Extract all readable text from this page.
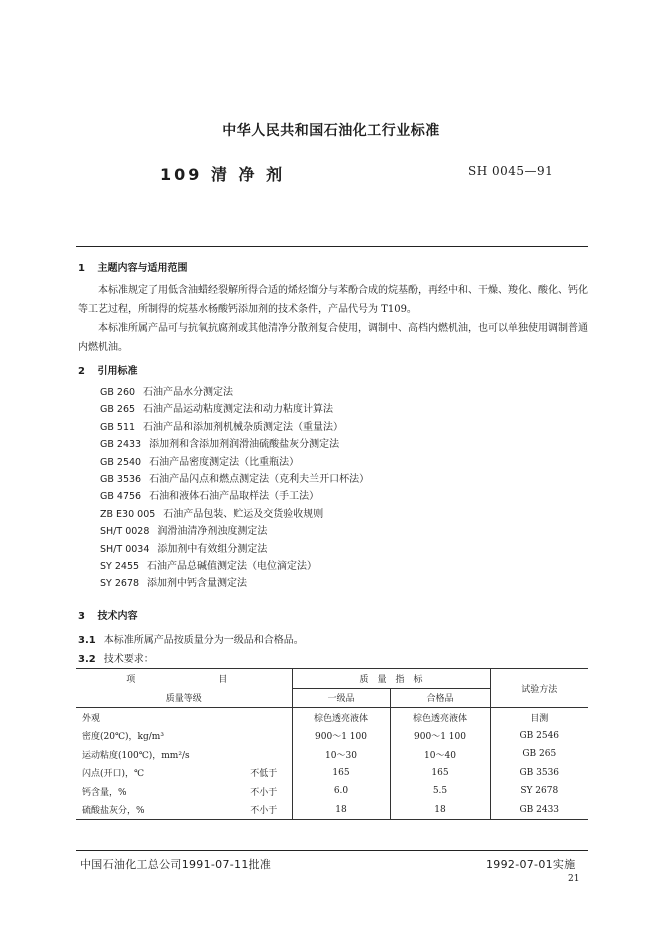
中华人民共和国石油化工行业标准
109 清 净 剂	SH 0045—91
1 主题内容与适用范围
本标准规定了用低含油蜡经裂解所得合适的烯烃馏分与苯酚合成的烷基酚，再经中和、干燥、羧化、酸化、钙化等工艺过程，所制得的烷基水杨酸钙添加剂的技术条件，产品代号为 T109。
本标准所属产品可与抗氧抗腐剂或其他清净分散剂复合使用，调制中、高档内燃机油，也可以单独使用调制普通内燃机油。
2 引用标准
GB 260 石油产品水分测定法
GB 265 石油产品运动粘度测定法和动力粘度计算法
GB 511 石油产品和添加剂机械杂质测定法（重量法）
GB 2433 添加剂和含添加剂润滑油硫酸盐灰分测定法
GB 2540 石油产品密度测定法（比重瓶法）
GB 3536 石油产品闪点和燃点测定法（克利夫兰开口杯法）
GB 4756 石油和液体石油产品取样法（手工法）
ZB E30 005 石油产品包装、贮运及交货验收规则
SH/T 0028 润滑油清净剂浊度测定法
SH/T 0034 添加剂中有效组分测定法
SY 2455 石油产品总碱值测定法（电位滴定法）
SY 2678 添加剂中钙含量测定法
3 技术内容
3.1 本标准所属产品按质量分为一级品和合格品。
3.2 技术要求：
项　　　目		质　量　指　标		试验方法
质量等级		一级品	合格品	
外观		棕色透亮液体	棕色透亮液体	目测
密度(20℃)，kg/m³		900～1 100	900～1 100	GB 2546
运动粘度(100℃)，mm²/s		10～30	10～40	GB 265
闪点(开口)，℃	不低于	165	165	GB 3536
钙含量，%	不小于	6.0	5.5	SY 2678
硫酸盐灰分，%	不小于	18	18	GB 2433
中国石油化工总公司1991-07-11批准	1992-07-01实施
21
